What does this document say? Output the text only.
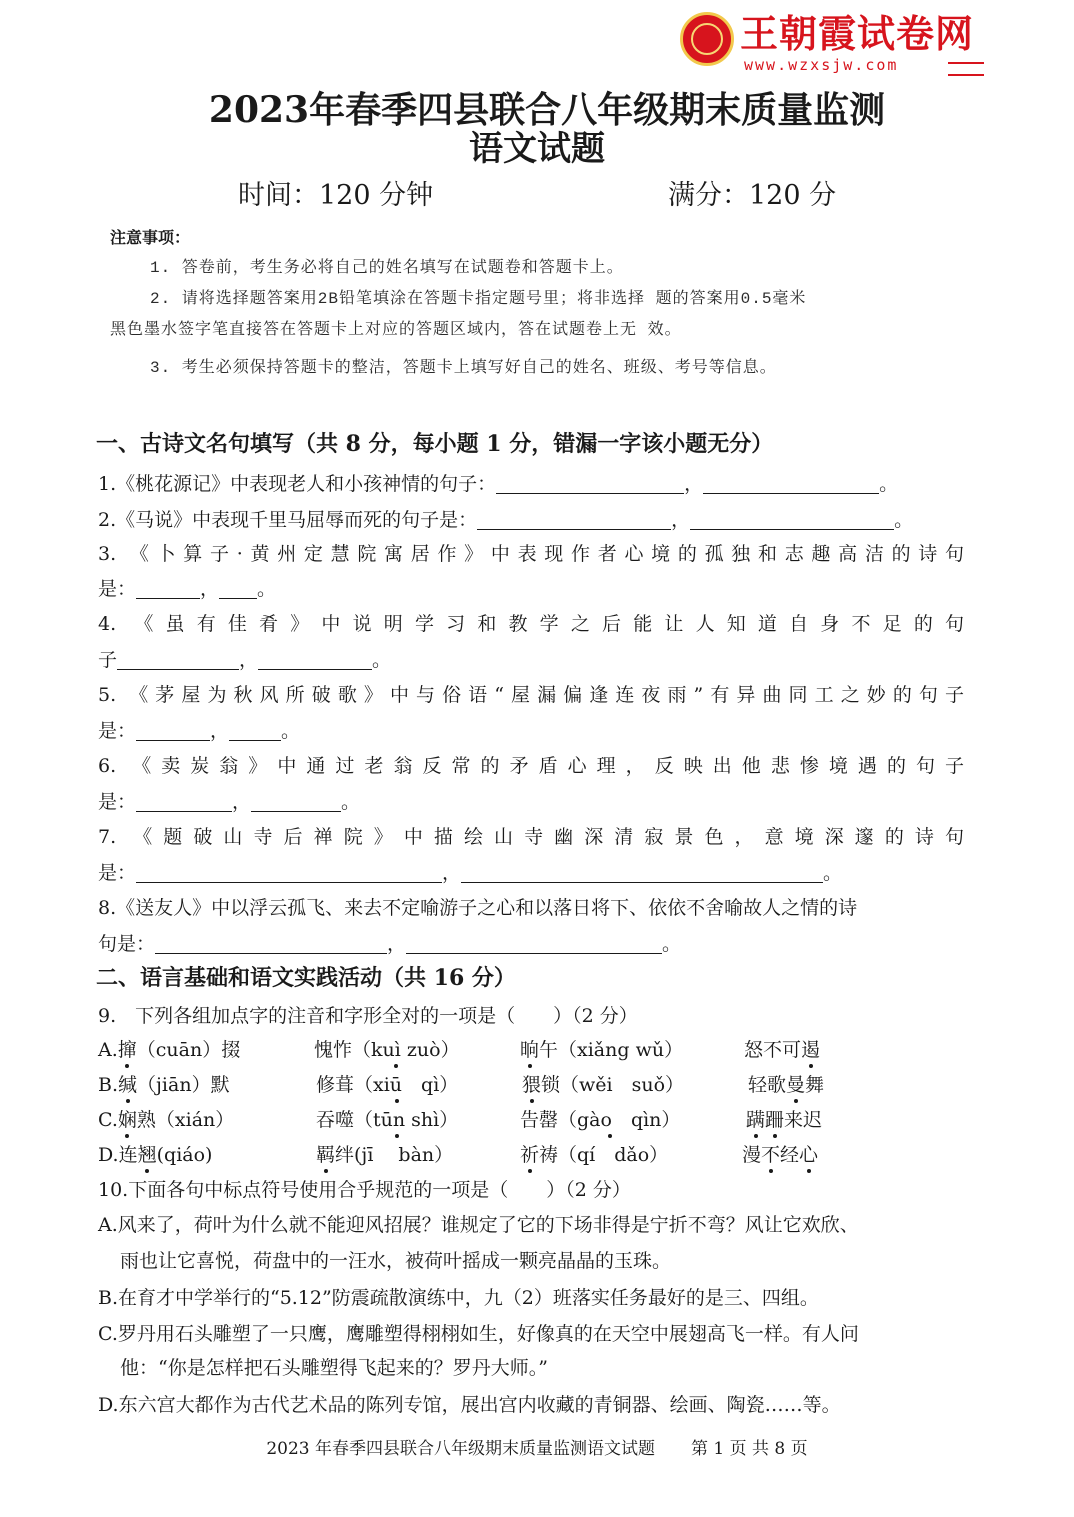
王朝霞试卷网
www.wzxsjw.com
2023年春季四县联合八年级期末质量监测
语文试题
时间：120 分钟	满分：120 分
注意事项：
1. 答卷前，考生务必将自己的姓名填写在试题卷和答题卡上。
2. 请将选择题答案用2B铅笔填涂在答题卡指定题号里；将非选择 题的答案用0.5毫米
黑色墨水签字笔直接答在答题卡上对应的答题区域内，答在试题卷上无 效。
3. 考生必须保持答题卡的整洁，答题卡上填写好自己的姓名、班级、考号等信息。
一、古诗文名句填写（共 8 分，每小题 1 分，错漏一字该小题无分）
1.《桃花源记》中表现老人和小孩神情的句子：	，	。
2.《马说》中表现千里马屈辱而死的句子是：	，	。
3. 《卜算子·黄州定慧院寓居作》中表现作者心境的孤独和志趣高洁的诗句
是：	， 。
4. 《虽有佳肴》中说明学习和教学之后能让人知道自身不足的句
子	，	。
5. 《茅屋为秋风所破歌》中与俗语“屋漏偏逢连夜雨”有异曲同工之妙的句子
是：	，	。
6. 《卖炭翁》中通过老翁反常的矛盾心理，反映出他悲惨境遇的句子
是：	，	。
7. 《题破山寺后禅院》中描绘山寺幽深清寂景色，意境深邃的诗句
是：	，	。
8.《送友人》中以浮云孤飞、来去不定喻游子之心和以落日将下、依依不舍喻故人之情的诗
句是：	，	。
二、语言基础和语文实践活动（共 16 分）
9.　下列各组加点字的注音和字形全对的一项是（　　）（2 分）
A.撺（cuān）掇	愧怍（kuì zuò）	晌午（xiǎng wǔ）	怒不可遏
B.缄（jiān）默	修葺（xiū　qì）	猥锁（wěi　suǒ）	轻歌曼舞
C.娴熟（xián）	吞噬（tūn shì）	告罄（gào　qìn）	蹒跚来迟
D.连翘(qiáo)	羁绊(jī　 bàn）	祈祷（qí　dǎo）	漫不经心
10.下面各句中标点符号使用合乎规范的一项是（　　）（2 分）
A.风来了，荷叶为什么就不能迎风招展？谁规定了它的下场非得是宁折不弯？风让它欢欣、
雨也让它喜悦，荷盘中的一汪水，被荷叶摇成一颗亮晶晶的玉珠。
B.在育才中学举行的“5.12”防震疏散演练中，九（2）班落实任务最好的是三、四组。
C.罗丹用石头雕塑了一只鹰，鹰雕塑得栩栩如生，好像真的在天空中展翅高飞一样。有人问
他：“你是怎样把石头雕塑得飞起来的？罗丹大师。”
D.东六宫大都作为古代艺术品的陈列专馆，展出宫内收藏的青铜器、绘画、陶瓷……等。
2023 年春季四县联合八年级期末质量监测语文试题 第 1 页 共 8 页
